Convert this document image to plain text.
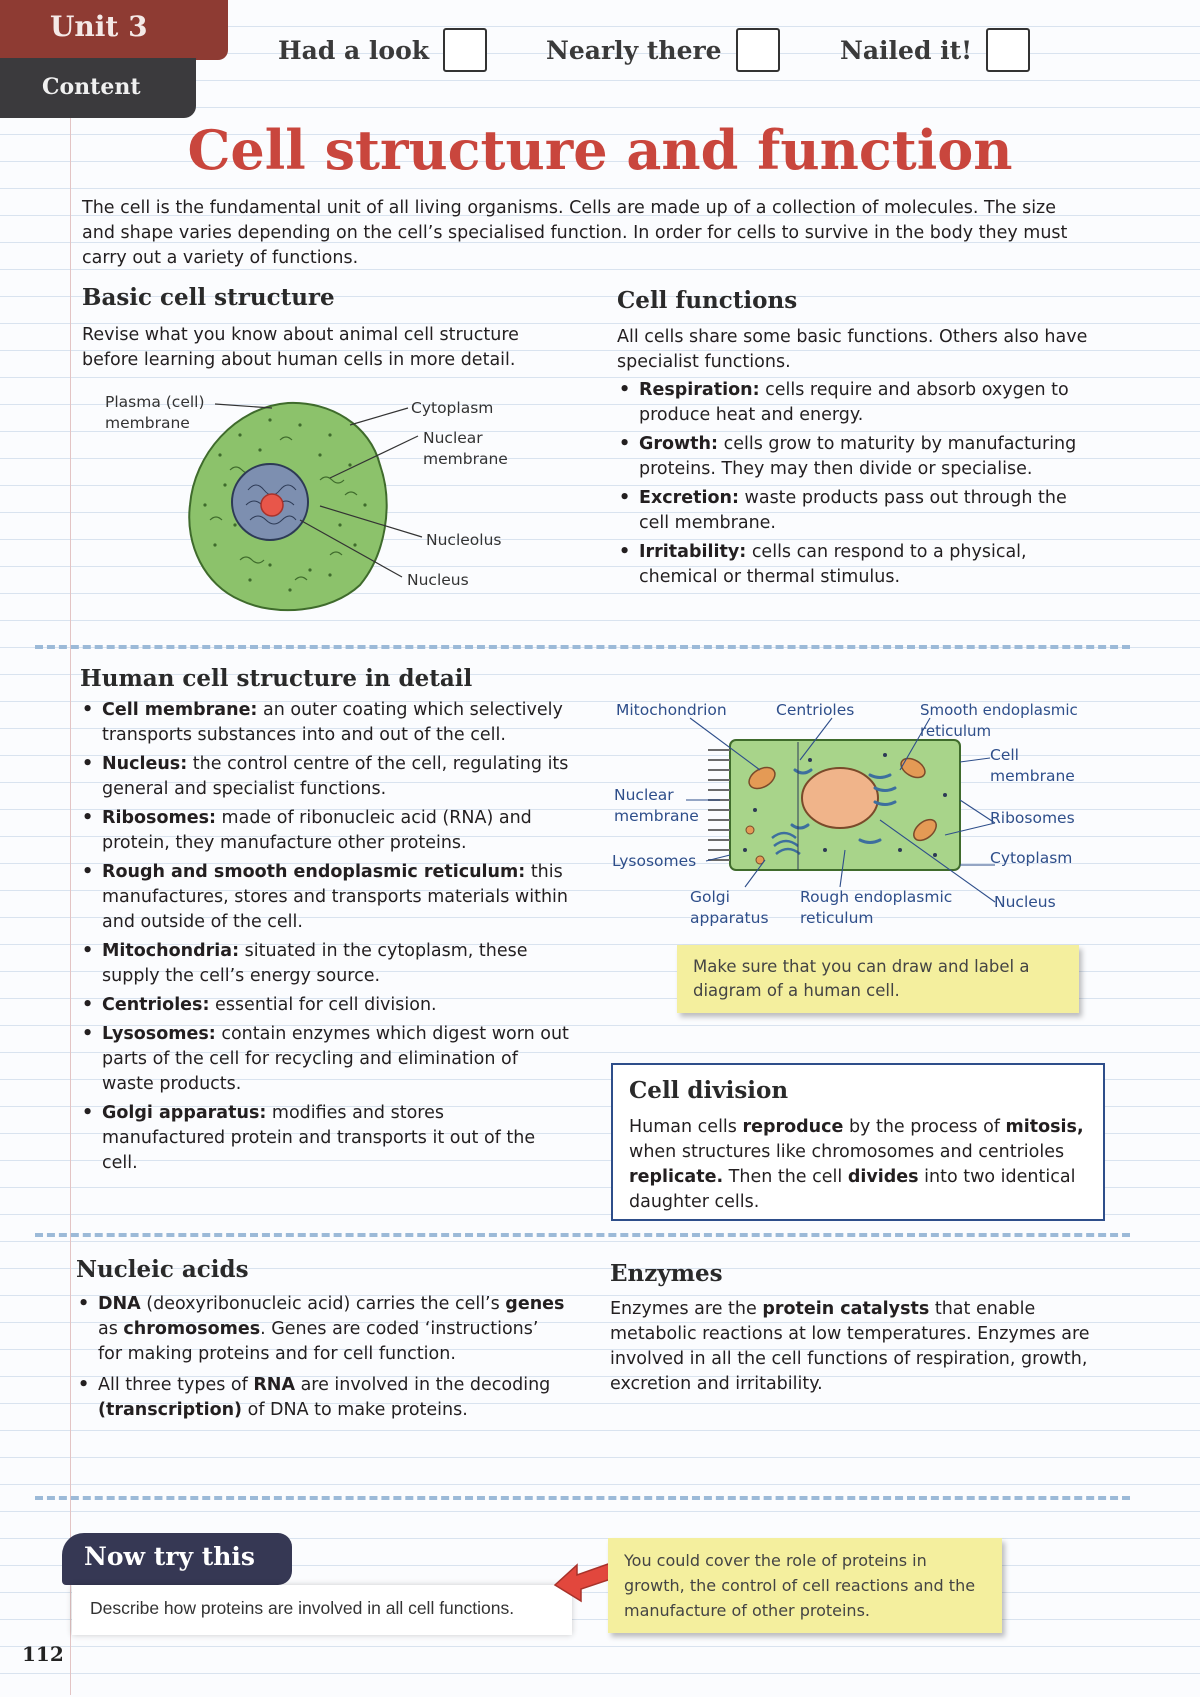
Unit 3
Content
Had a look	Nearly there	Nailed it!
Cell structure and function
The cell is the fundamental unit of all living organisms. Cells are made up of a collection of molecules. The size and shape varies depending on the cell’s specialised function. In order for cells to survive in the body they must carry out a variety of functions.
Basic cell structure
Revise what you know about animal cell structure before learning about human cells in more detail.
Plasma (cell) membrane
Cytoplasm
Nuclear membrane
Nucleolus
Nucleus
Cell functions
All cells share some basic functions. Others also have specialist functions.
• Respiration: cells require and absorb oxygen to produce heat and energy.
• Growth: cells grow to maturity by manufacturing proteins. They may then divide or specialise.
• Excretion: waste products pass out through the cell membrane.
• Irritability: cells can respond to a physical, chemical or thermal stimulus.
Human cell structure in detail
• Cell membrane: an outer coating which selectively transports substances into and out of the cell.
• Nucleus: the control centre of the cell, regulating its general and specialist functions.
• Ribosomes: made of ribonucleic acid (RNA) and protein, they manufacture other proteins.
• Rough and smooth endoplasmic reticulum: this manufactures, stores and transports materials within and outside of the cell.
• Mitochondria: situated in the cytoplasm, these supply the cell’s energy source.
• Centrioles: essential for cell division.
• Lysosomes: contain enzymes which digest worn out parts of the cell for recycling and elimination of waste products.
• Golgi apparatus: modifies and stores manufactured protein and transports it out of the cell.
Mitochondrion	Centrioles	Smooth endoplasmic reticulum
Cell membrane
Nuclear membrane	Ribosomes
Lysosomes	Cytoplasm
Golgi apparatus
Rough endoplasmic reticulum
Nucleus
Make sure that you can draw and label a diagram of a human cell.
Cell division
Human cells reproduce by the process of mitosis, when structures like chromosomes and centrioles replicate. Then the cell divides into two identical daughter cells.
Nucleic acids
• DNA (deoxyribonucleic acid) carries the cell’s genes as chromosomes. Genes are coded ‘instructions’ for making proteins and for cell function.
• All three types of RNA are involved in the decoding (transcription) of DNA to make proteins.
Enzymes
Enzymes are the protein catalysts that enable metabolic reactions at low temperatures. Enzymes are involved in all the cell functions of respiration, growth, excretion and irritability.
Now try this
Describe how proteins are involved in all cell functions.
You could cover the role of proteins in growth, the control of cell reactions and the manufacture of other proteins.
112
